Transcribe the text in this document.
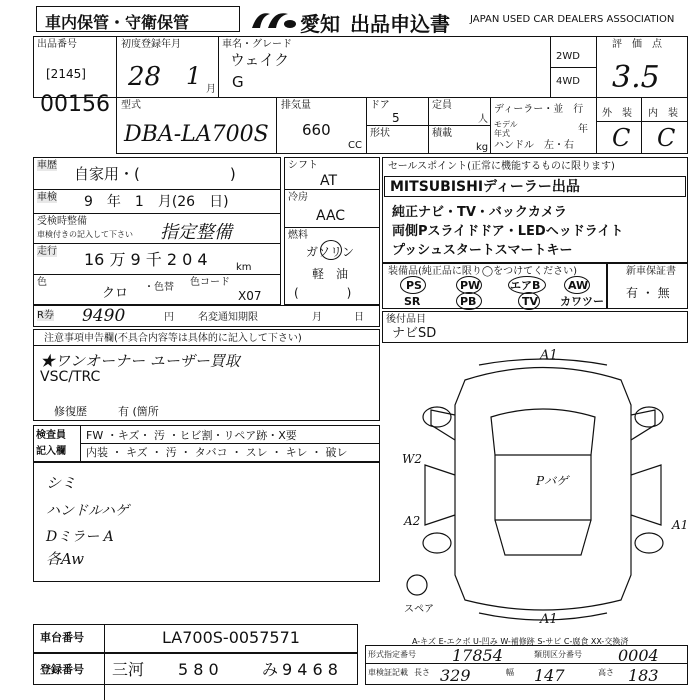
車内保管・守衛保管	愛知 出品申込書 JAPAN USED CAR DEALERS ASSOCIATION
出品番号
[2145]
00156
初度登録年月
28 1 月
車名・グレード
ウェイク
G
2WD
4WD
評　価　点
3.5
型式
DBA-LA700S
排気量
660
CC
ドア
5
定員
人
形状	積載
kg
ディーラー・並　行
モデル年式	年
ハンドル　左・右
外　装 内　装
C C
車歴 自家用・(　　　　　　)
車検 9　年　1　月(26　日)
受検時整備
車検付きの記入して下さい 指定整備
走行 16 万 9 千 2 0 4	km
色
クロ ・色替 色コード
X07
シフト
AT
冷房
AAC
燃料
ガソリン
軽　油
(　　　　)
セールスポイント(正常に機能するものに限ります)
MITSUBISHIディーラー出品
純正ナビ・TV・バックカメラ
両側Pスライドドア・LEDヘッドライト
プッシュスタートスマートキー
装備品(純正品に限り◯をつけてください)
PS	PW	エアB	AW
SR	PB	TV カワツー
新車保証書
有 ・ 無
R券 9490	円 名変通知期限	月	日 後付品目
ナビSD
注意事項申告欄(不具合内容等は具体的に記入して下さい)
★ワンオーナー ユーザー買取
VSC/TRC
修復歴	有 (箇所
検査員
記入欄
FW ・キズ・ 汚 ・ヒビ割・リペア跡・X要
内装 ・ キズ ・ 汚 ・ タバコ ・ スレ ・ キレ ・ 破レ
シミ
ハンドルハゲ
Dミラー A
各Aw
A1
W2
A2	A1
A1
Pバゲ
スペア
A-キズ E-エクボ U-凹み W-補修跡 S-サビ C-腐食 XX-交換済
車台番号	LA700S-0057571
登録番号 三河 5 8 0	み 9 4 6 8
形式指定番号 17854	類別区分番号 0004
車検証記載 長さ 329	幅 147	高さ 183
